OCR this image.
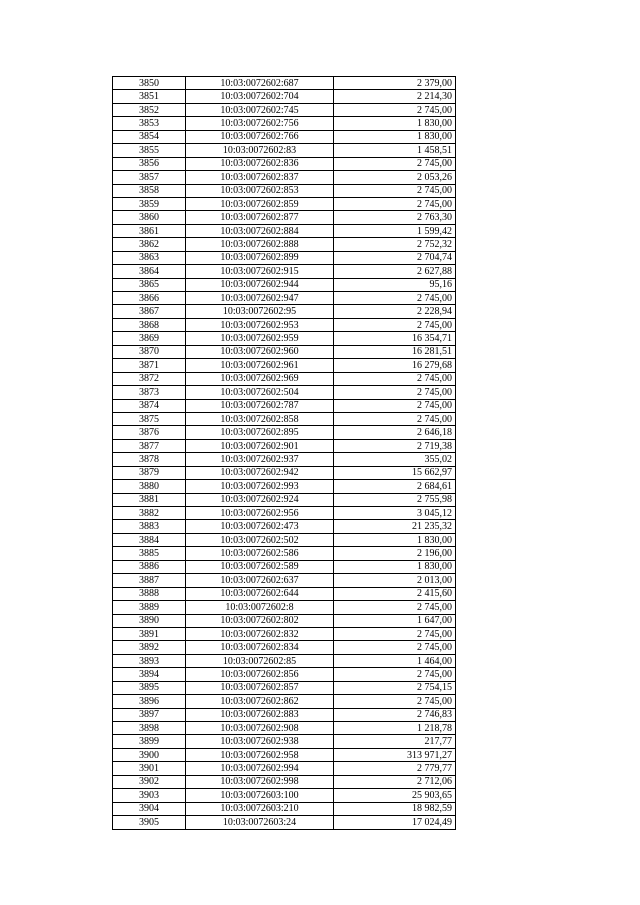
3850	10:03:0072602:687	2 379,00
3851	10:03:0072602:704	2 214,30
3852	10:03:0072602:745	2 745,00
3853	10:03:0072602:756	1 830,00
3854	10:03:0072602:766	1 830,00
3855	10:03:0072602:83	1 458,51
3856	10:03:0072602:836	2 745,00
3857	10:03:0072602:837	2 053,26
3858	10:03:0072602:853	2 745,00
3859	10:03:0072602:859	2 745,00
3860	10:03:0072602:877	2 763,30
3861	10:03:0072602:884	1 599,42
3862	10:03:0072602:888	2 752,32
3863	10:03:0072602:899	2 704,74
3864	10:03:0072602:915	2 627,88
3865	10:03:0072602:944	95,16
3866	10:03:0072602:947	2 745,00
3867	10:03:0072602:95	2 228,94
3868	10:03:0072602:953	2 745,00
3869	10:03:0072602:959	16 354,71
3870	10:03:0072602:960	16 281,51
3871	10:03:0072602:961	16 279,68
3872	10:03:0072602:969	2 745,00
3873	10:03:0072602:504	2 745,00
3874	10:03:0072602:787	2 745,00
3875	10:03:0072602:858	2 745,00
3876	10:03:0072602:895	2 646,18
3877	10:03:0072602:901	2 719,38
3878	10:03:0072602:937	355,02
3879	10:03:0072602:942	15 662,97
3880	10:03:0072602:993	2 684,61
3881	10:03:0072602:924	2 755,98
3882	10:03:0072602:956	3 045,12
3883	10:03:0072602:473	21 235,32
3884	10:03:0072602:502	1 830,00
3885	10:03:0072602:586	2 196,00
3886	10:03:0072602:589	1 830,00
3887	10:03:0072602:637	2 013,00
3888	10:03:0072602:644	2 415,60
3889	10:03:0072602:8	2 745,00
3890	10:03:0072602:802	1 647,00
3891	10:03:0072602:832	2 745,00
3892	10:03:0072602:834	2 745,00
3893	10:03:0072602:85	1 464,00
3894	10:03:0072602:856	2 745,00
3895	10:03:0072602:857	2 754,15
3896	10:03:0072602:862	2 745,00
3897	10:03:0072602:883	2 746,83
3898	10:03:0072602:908	1 218,78
3899	10:03:0072602:938	217,77
3900	10:03:0072602:958	313 971,27
3901	10:03:0072602:994	2 779,77
3902	10:03:0072602:998	2 712,06
3903	10:03:0072603:100	25 903,65
3904	10:03:0072603:210	18 982,59
3905	10:03:0072603:24	17 024,49
